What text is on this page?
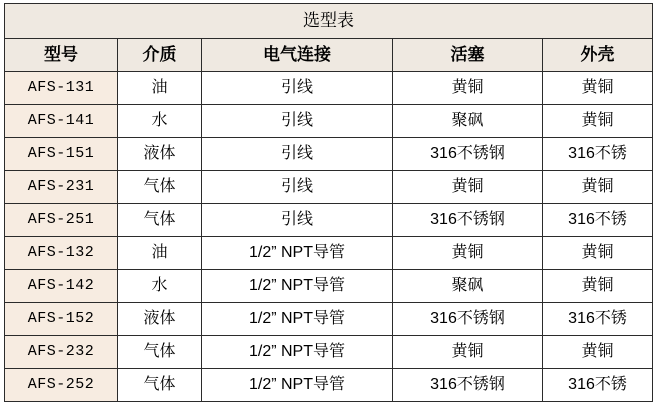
选型表				
型号	介质	电气连接	活塞	外壳
AFS-131	油	引线	黄铜	黄铜
AFS-141	水	引线	聚砜	黄铜
AFS-151	液体	引线	316不锈钢	316不锈
AFS-231	气体	引线	黄铜	黄铜
AFS-251	气体	引线	316不锈钢	316不锈
AFS-132	油	1/2” NPT导管	黄铜	黄铜
AFS-142	水	1/2” NPT导管	聚砜	黄铜
AFS-152	液体	1/2” NPT导管	316不锈钢	316不锈
AFS-232	气体	1/2” NPT导管	黄铜	黄铜
AFS-252	气体	1/2” NPT导管	316不锈钢	316不锈
